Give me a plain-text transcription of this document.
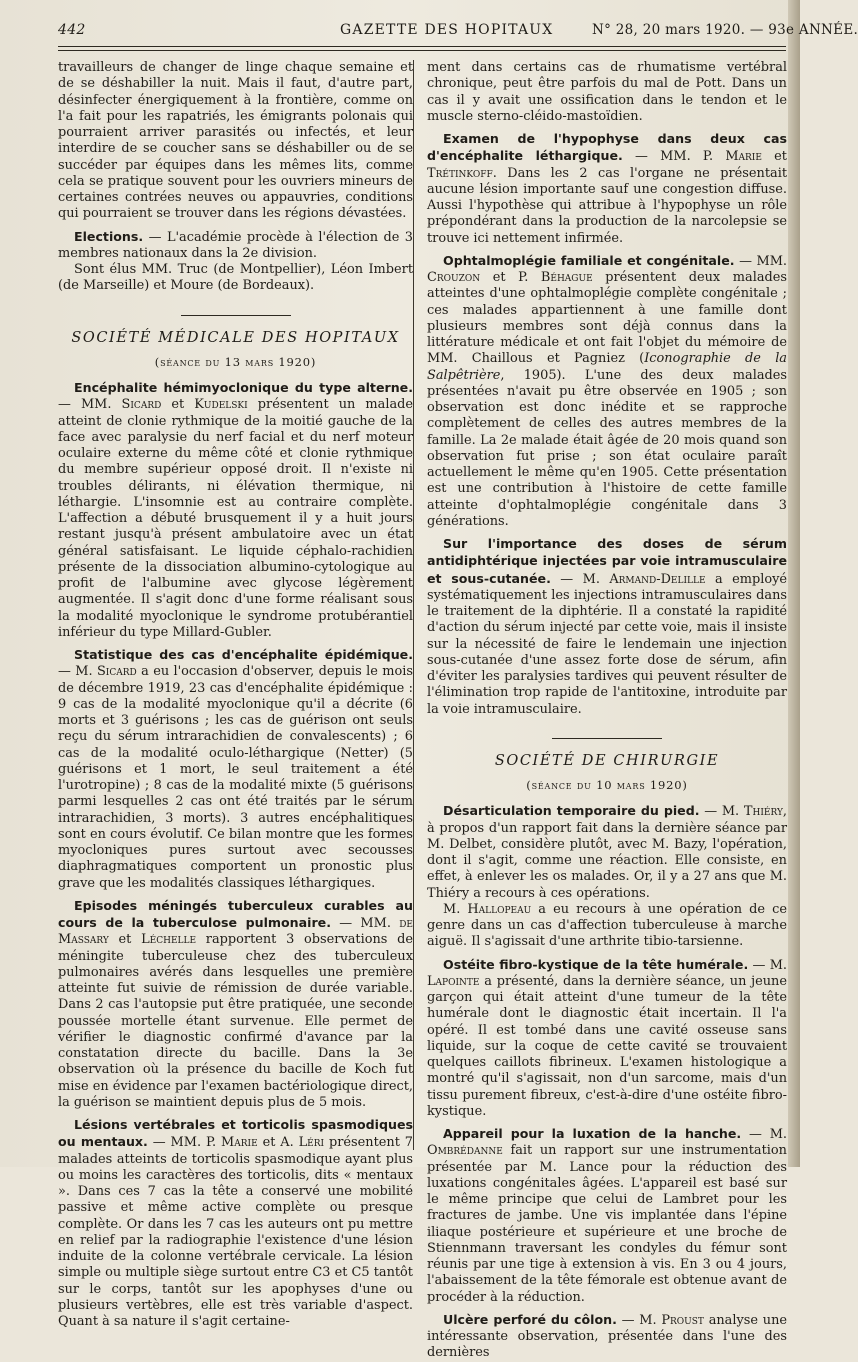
442	GAZETTE DES HOPITAUX	N° 28, 20 mars 1920. — 93e ANNÉE.

travailleurs de changer de linge chaque semaine et de se déshabiller la nuit. Mais il faut, d'autre part, désinfecter énergiquement à la frontière, comme on l'a fait pour les rapatriés, les émigrants polonais qui pourraient arriver parasités ou infectés, et leur interdire de se coucher sans se déshabiller ou de se succéder par équipes dans les mêmes lits, comme cela se pratique souvent pour les ouvriers mineurs de certaines contrées neuves ou appauvries, conditions qui pourraient se trouver dans les régions dévastées.

Elections. — L'académie procède à l'élection de 3 membres nationaux dans la 2e division.

Sont élus MM. Truc (de Montpellier), Léon Imbert (de Marseille) et Moure (de Bordeaux).

SOCIÉTÉ MÉDICALE DES HOPITAUX
(séance du 13 mars 1920)

Encéphalite hémimyoclonique du type alterne. — MM. Sicard et Kudelski présentent un malade atteint de clonie rythmique de la moitié gauche de la face avec paralysie du nerf facial et du nerf moteur oculaire externe du même côté et clonie rythmique du membre supérieur opposé droit. Il n'existe ni troubles délirants, ni élévation thermique, ni léthargie. L'insomnie est au contraire complète. L'affection a débuté brusquement il y a huit jours restant jusqu'à présent ambulatoire avec un état général satisfaisant. Le liquide céphalo-rachidien présente de la dissociation albumino-cytologique au profit de l'albumine avec glycose légèrement augmentée. Il s'agit donc d'une forme réalisant sous la modalité myoclonique le syndrome protubérantiel inférieur du type Millard-Gubler.

Statistique des cas d'encéphalite épidémique. — M. Sicard a eu l'occasion d'observer, depuis le mois de décembre 1919, 23 cas d'encéphalite épidémique : 9 cas de la modalité myoclonique qu'il a décrite (6 morts et 3 guérisons ; les cas de guérison ont seuls reçu du sérum intrarachidien de convalescents) ; 6 cas de la modalité oculo-léthargique (Netter) (5 guérisons et 1 mort, le seul traitement a été l'urotropine) ; 8 cas de la modalité mixte (5 guérisons parmi lesquelles 2 cas ont été traités par le sérum intrarachidien, 3 morts). 3 autres encéphalitiques sont en cours évolutif. Ce bilan montre que les formes myocloniques pures surtout avec secousses diaphragmatiques comportent un pronostic plus grave que les modalités classiques léthargiques.

Episodes méningés tuberculeux curables au cours de la tuberculose pulmonaire. — MM. de Massary et Léchelle rapportent 3 observations de méningite tuberculeuse chez des tuberculeux pulmonaires avérés dans lesquelles une première atteinte fut suivie de rémission de durée variable. Dans 2 cas l'autopsie put être pratiquée, une seconde poussée mortelle étant survenue. Elle permet de vérifier le diagnostic confirmé d'avance par la constatation directe du bacille. Dans la 3e observation où la présence du bacille de Koch fut mise en évidence par l'examen bactériologique direct, la guérison se maintient depuis plus de 5 mois.

Lésions vertébrales et torticolis spasmodiques ou mentaux. — MM. P. Marie et A. Léri présentent 7 malades atteints de torticolis spasmodique ayant plus ou moins les caractères des torticolis, dits « mentaux ». Dans ces 7 cas la tête a conservé une mobilité passive et même active complète ou presque complète. Or dans les 7 cas les auteurs ont pu mettre en relief par la radiographie l'existence d'une lésion induite de la colonne vertébrale cervicale. La lésion simple ou multiple siège surtout entre C3 et C5 tantôt sur le corps, tantôt sur les apophyses d'une ou plusieurs vertèbres, elle est très variable d'aspect. Quant à sa nature il s'agit certaine-

ment dans certains cas de rhumatisme vertébral chronique, peut être parfois du mal de Pott. Dans un cas il y avait une ossification dans le tendon et le muscle sterno-cléido-mastoïdien.

Examen de l'hypophyse dans deux cas d'encéphalite léthargique. — MM. P. Marie et Trétinkoff. Dans les 2 cas l'organe ne présentait aucune lésion importante sauf une congestion diffuse. Aussi l'hypothèse qui attribue à l'hypophyse un rôle prépondérant dans la production de la narcolepsie se trouve ici nettement infirmée.

Ophtalmoplégie familiale et congénitale. — MM. Crouzon et P. Béhague présentent deux malades atteintes d'une ophtalmoplégie complète congénitale ; ces malades appartiennent à une famille dont plusieurs membres sont déjà connus dans la littérature médicale et ont fait l'objet du mémoire de MM. Chaillous et Pagniez (Iconographie de la Salpêtrière, 1905). L'une des deux malades présentées n'avait pu être observée en 1905 ; son observation est donc inédite et se rapproche complètement de celles des autres membres de la famille. La 2e malade était âgée de 20 mois quand son observation fut prise ; son état oculaire paraît actuellement le même qu'en 1905. Cette présentation est une contribution à l'histoire de cette famille atteinte d'ophtalmoplégie congénitale dans 3 générations.

Sur l'importance des doses de sérum antidiphtérique injectées par voie intramusculaire et sous-cutanée. — M. Armand-Delille a employé systématiquement les injections intramusculaires dans le traitement de la diphtérie. Il a constaté la rapidité d'action du sérum injecté par cette voie, mais il insiste sur la nécessité de faire le lendemain une injection sous-cutanée d'une assez forte dose de sérum, afin d'éviter les paralysies tardives qui peuvent résulter de l'élimination trop rapide de l'antitoxine, introduite par la voie intramusculaire.

SOCIÉTÉ DE CHIRURGIE
(séance du 10 mars 1920)

Désarticulation temporaire du pied. — M. Thiéry, à propos d'un rapport fait dans la dernière séance par M. Delbet, considère plutôt, avec M. Bazy, l'opération, dont il s'agit, comme une réaction. Elle consiste, en effet, à enlever les os malades. Or, il y a 27 ans que M. Thiéry a recours à ces opérations.

M. Hallopeau a eu recours à une opération de ce genre dans un cas d'affection tuberculeuse à marche aiguë. Il s'agissait d'une arthrite tibio-tarsienne.

Ostéite fibro-kystique de la tête humérale. — M. Lapointe a présenté, dans la dernière séance, un jeune garçon qui était atteint d'une tumeur de la tête humérale dont le diagnostic était incertain. Il l'a opéré. Il est tombé dans une cavité osseuse sans liquide, sur la coque de cette cavité se trouvaient quelques caillots fibrineux. L'examen histologique a montré qu'il s'agissait, non d'un sarcome, mais d'un tissu purement fibreux, c'est-à-dire d'une ostéite fibro-kystique.

Appareil pour la luxation de la hanche. — M. Ombrédanne fait un rapport sur une instrumentation présentée par M. Lance pour la réduction des luxations congénitales âgées. L'appareil est basé sur le même principe que celui de Lambret pour les fractures de jambe. Une vis implantée dans l'épine iliaque postérieure et supérieure et une broche de Stiennmann traversant les condyles du fémur sont réunis par une tige à extension à vis. En 3 ou 4 jours, l'abaissement de la tête fémorale est obtenue avant de procéder à la réduction.

Ulcère perforé du côlon. — M. Proust analyse une intéressante observation, présentée dans l'une des dernières
